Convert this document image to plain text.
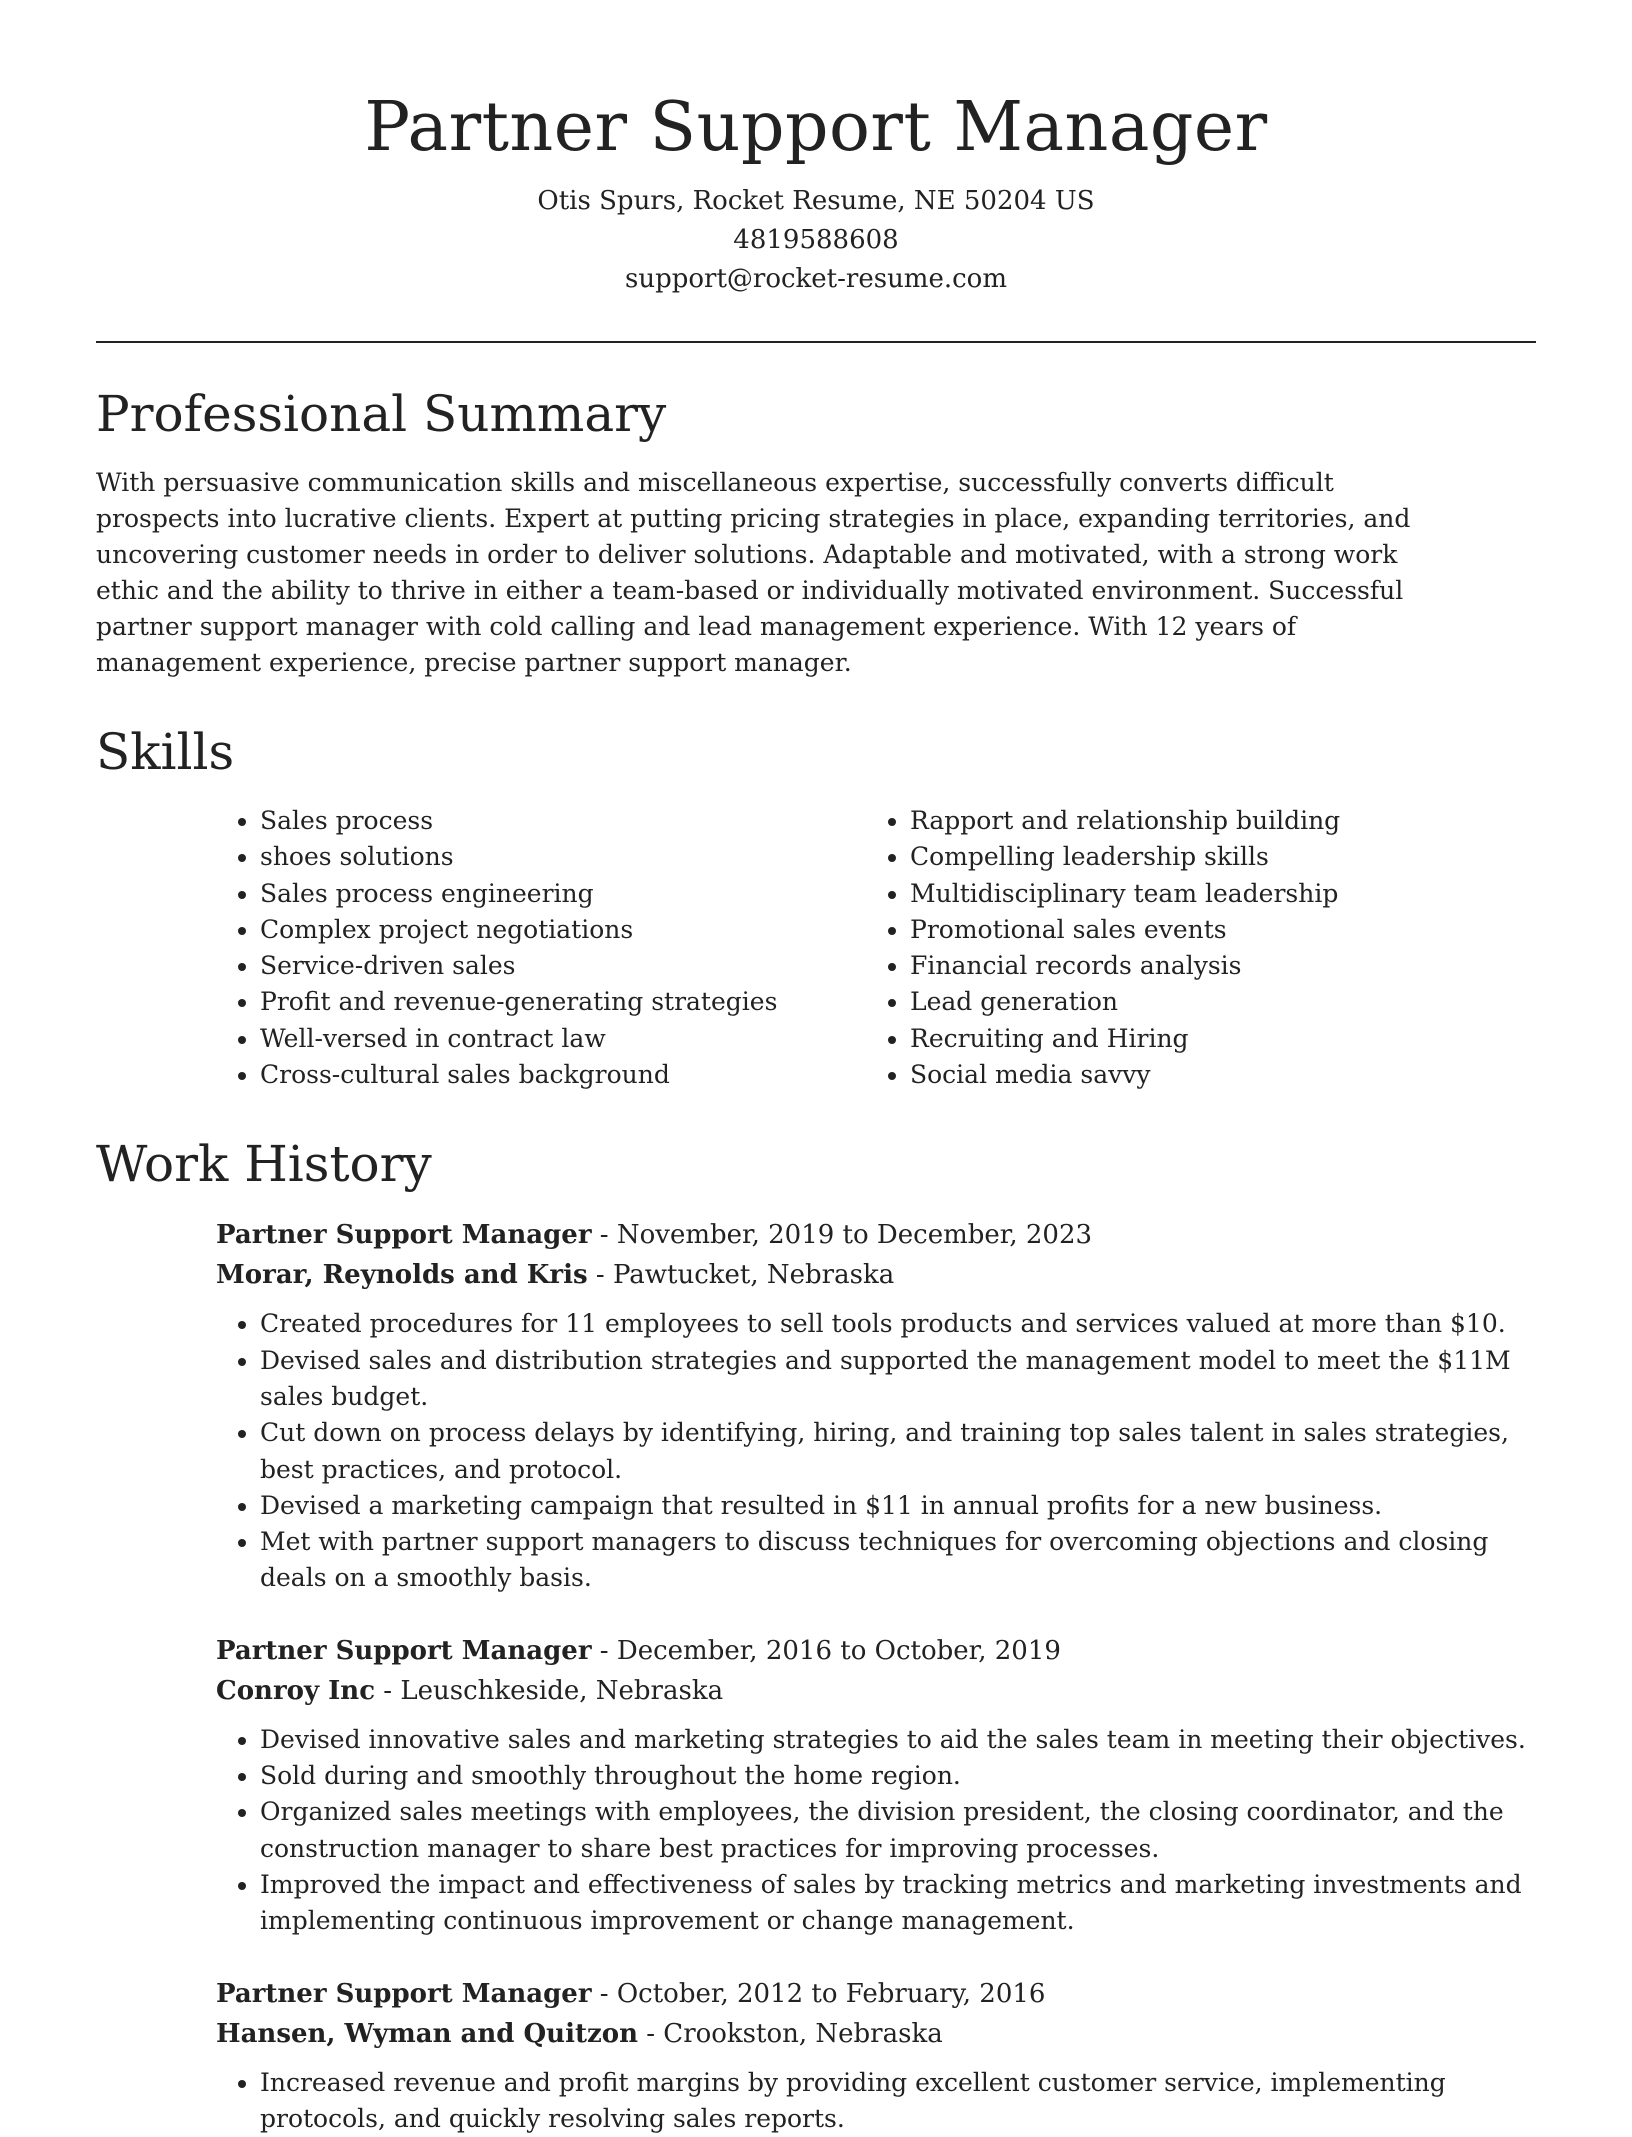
Partner Support Manager
Otis Spurs, Rocket Resume, NE 50204 US
4819588608
support@rocket-resume.com
Professional Summary

With persuasive communication skills and miscellaneous expertise, successfully converts difficult prospects into lucrative clients. Expert at putting pricing strategies in place, expanding territories, and uncovering customer needs in order to deliver solutions. Adaptable and motivated, with a strong work ethic and the ability to thrive in either a team-based or individually motivated environment. Successful partner support manager with cold calling and lead management experience. With 12 years of management experience, precise partner support manager.

Skills
• Sales process
• shoes solutions
• Sales process engineering
• Complex project negotiations
• Service-driven sales
• Profit and revenue-generating strategies
• Well-versed in contract law
• Cross-cultural sales background
• Rapport and relationship building
• Compelling leadership skills
• Multidisciplinary team leadership
• Promotional sales events
• Financial records analysis
• Lead generation
• Recruiting and Hiring
• Social media savvy
Work History
Partner Support Manager - November, 2019 to December, 2023
Morar, Reynolds and Kris - Pawtucket, Nebraska
• Created procedures for 11 employees to sell tools products and services valued at more than $10.
• Devised sales and distribution strategies and supported the management model to meet the $11M sales budget.
• Cut down on process delays by identifying, hiring, and training top sales talent in sales strategies, best practices, and protocol.
• Devised a marketing campaign that resulted in $11 in annual profits for a new business.
• Met with partner support managers to discuss techniques for overcoming objections and closing deals on a smoothly basis.
Partner Support Manager - December, 2016 to October, 2019
Conroy Inc - Leuschkeside, Nebraska
• Devised innovative sales and marketing strategies to aid the sales team in meeting their objectives.
• Sold during and smoothly throughout the home region.
• Organized sales meetings with employees, the division president, the closing coordinator, and the construction manager to share best practices for improving processes.
• Improved the impact and effectiveness of sales by tracking metrics and marketing investments and implementing continuous improvement or change management.
Partner Support Manager - October, 2012 to February, 2016
Hansen, Wyman and Quitzon - Crookston, Nebraska
• Increased revenue and profit margins by providing excellent customer service, implementing protocols, and quickly resolving sales reports.
